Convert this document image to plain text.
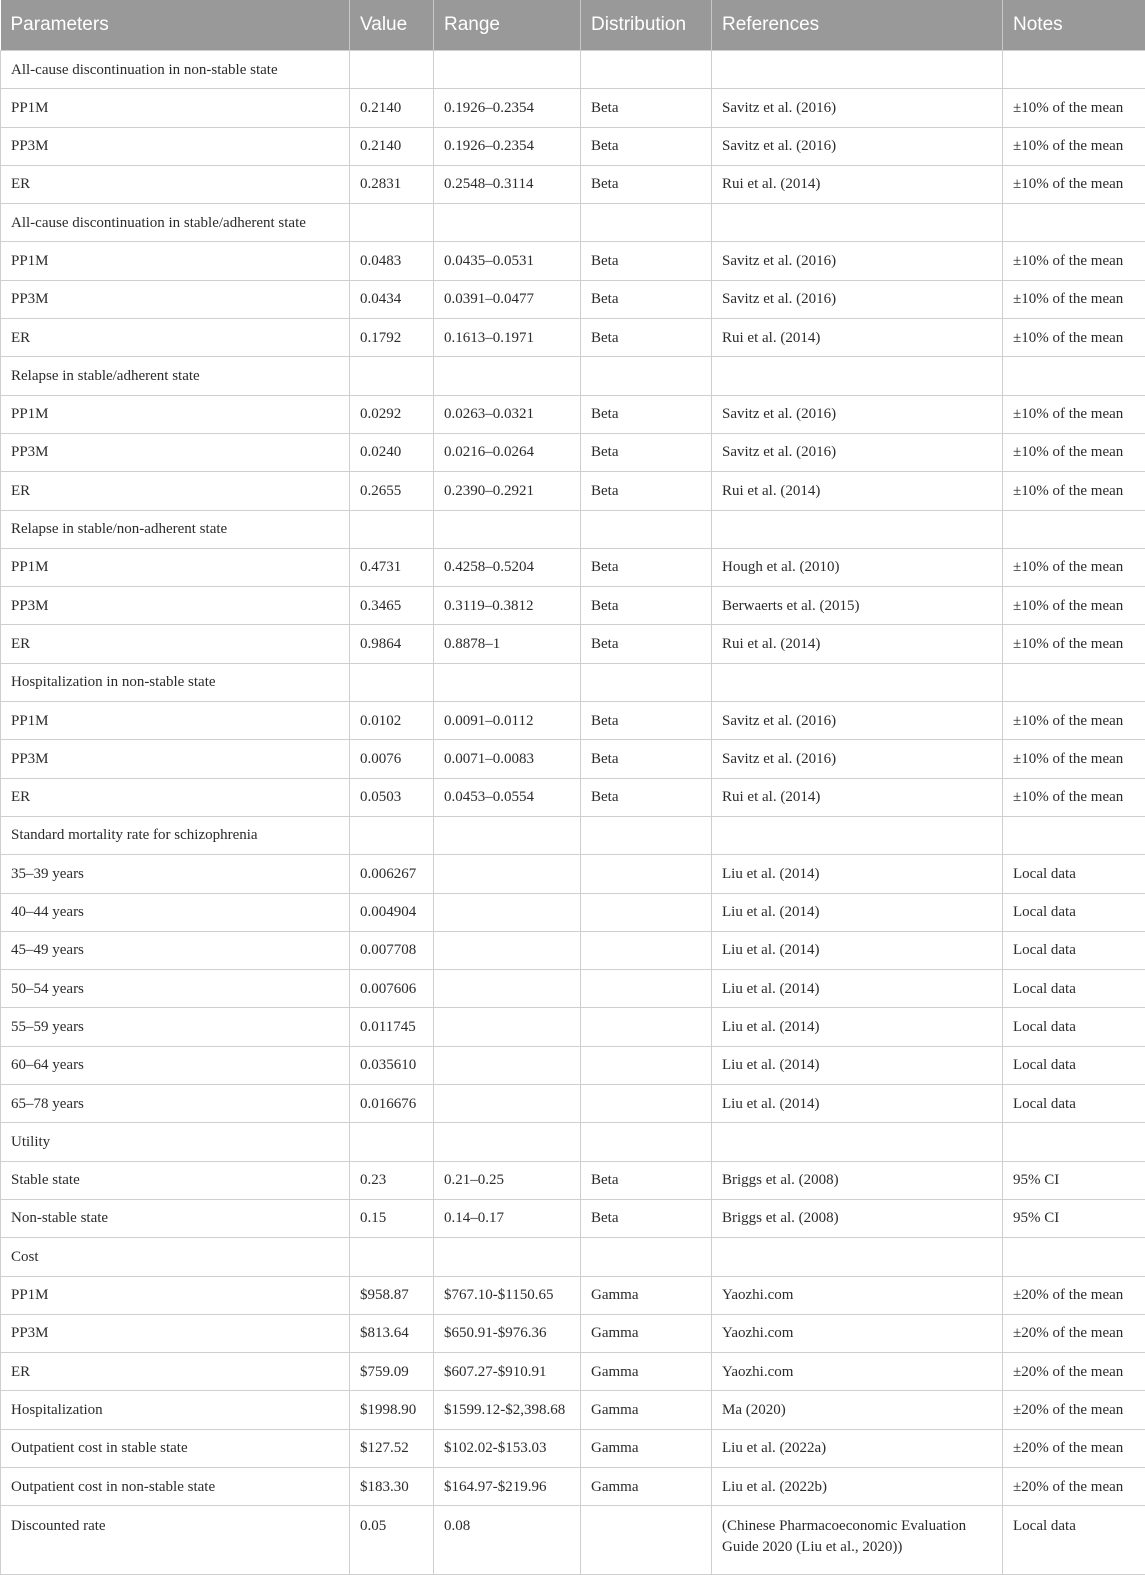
Parameters	Value	Range	Distribution	References	Notes
All-cause discontinuation in non-stable state					
PP1M	0.2140	0.1926–0.2354	Beta	Savitz et al. (2016)	±10% of the mean
PP3M	0.2140	0.1926–0.2354	Beta	Savitz et al. (2016)	±10% of the mean
ER	0.2831	0.2548–0.3114	Beta	Rui et al. (2014)	±10% of the mean
All-cause discontinuation in stable/adherent state					
PP1M	0.0483	0.0435–0.0531	Beta	Savitz et al. (2016)	±10% of the mean
PP3M	0.0434	0.0391–0.0477	Beta	Savitz et al. (2016)	±10% of the mean
ER	0.1792	0.1613–0.1971	Beta	Rui et al. (2014)	±10% of the mean
Relapse in stable/adherent state					
PP1M	0.0292	0.0263–0.0321	Beta	Savitz et al. (2016)	±10% of the mean
PP3M	0.0240	0.0216–0.0264	Beta	Savitz et al. (2016)	±10% of the mean
ER	0.2655	0.2390–0.2921	Beta	Rui et al. (2014)	±10% of the mean
Relapse in stable/non-adherent state					
PP1M	0.4731	0.4258–0.5204	Beta	Hough et al. (2010)	±10% of the mean
PP3M	0.3465	0.3119–0.3812	Beta	Berwaerts et al. (2015)	±10% of the mean
ER	0.9864	0.8878–1	Beta	Rui et al. (2014)	±10% of the mean
Hospitalization in non-stable state					
PP1M	0.0102	0.0091–0.0112	Beta	Savitz et al. (2016)	±10% of the mean
PP3M	0.0076	0.0071–0.0083	Beta	Savitz et al. (2016)	±10% of the mean
ER	0.0503	0.0453–0.0554	Beta	Rui et al. (2014)	±10% of the mean
Standard mortality rate for schizophrenia					
35–39 years	0.006267			Liu et al. (2014)	Local data
40–44 years	0.004904			Liu et al. (2014)	Local data
45–49 years	0.007708			Liu et al. (2014)	Local data
50–54 years	0.007606			Liu et al. (2014)	Local data
55–59 years	0.011745			Liu et al. (2014)	Local data
60–64 years	0.035610			Liu et al. (2014)	Local data
65–78 years	0.016676			Liu et al. (2014)	Local data
Utility					
Stable state	0.23	0.21–0.25	Beta	Briggs et al. (2008)	95% CI
Non-stable state	0.15	0.14–0.17	Beta	Briggs et al. (2008)	95% CI
Cost					
PP1M	$958.87	$767.10-$1150.65	Gamma	Yaozhi.com	±20% of the mean
PP3M	$813.64	$650.91-$976.36	Gamma	Yaozhi.com	±20% of the mean
ER	$759.09	$607.27-$910.91	Gamma	Yaozhi.com	±20% of the mean
Hospitalization	$1998.90	$1599.12-$2,398.68	Gamma	Ma (2020)	±20% of the mean
Outpatient cost in stable state	$127.52	$102.02-$153.03	Gamma	Liu et al. (2022a)	±20% of the mean
Outpatient cost in non-stable state	$183.30	$164.97-$219.96	Gamma	Liu et al. (2022b)	±20% of the mean
Discounted rate	0.05	0.08		(Chinese Pharmacoeconomic Evaluation Guide 2020 (Liu et al., 2020))	Local data
